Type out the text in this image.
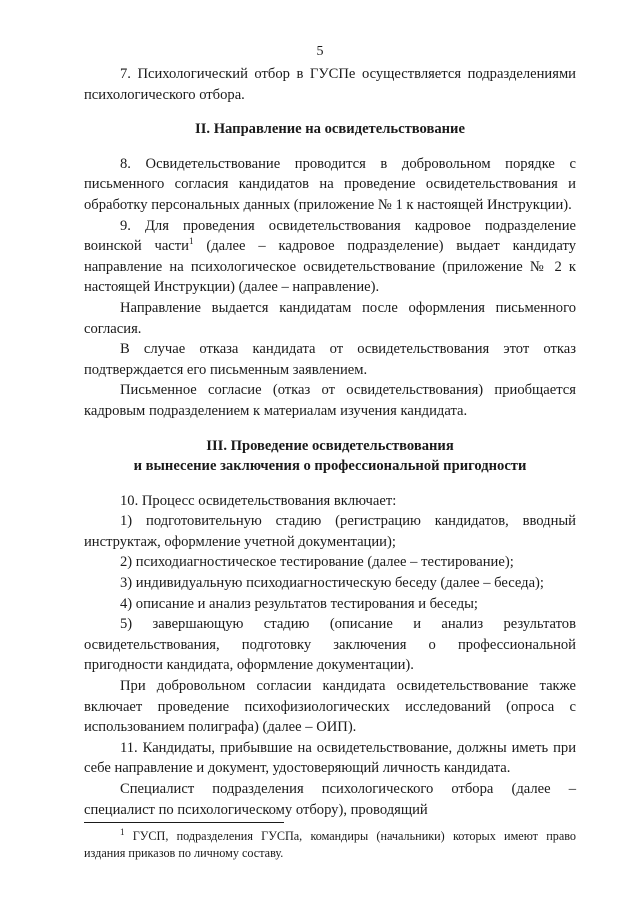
5

7. Психологический отбор в ГУСПе осуществляется подразделениями психологического отбора.

II. Направление на освидетельствование

8. Освидетельствование проводится в добровольном порядке с письменного согласия кандидатов на проведение освидетельствования и обработку персональных данных (приложение № 1 к настоящей Инструкции).

9. Для проведения освидетельствования кадровое подразделение воинской части$^1$ (далее – кадровое подразделение) выдает кандидату направление на психологическое освидетельствование (приложение № 2 к настоящей Инструкции) (далее – направление).

Направление выдается кандидатам после оформления письменного согласия.

В случае отказа кандидата от освидетельствования этот отказ подтверждается его письменным заявлением.

Письменное согласие (отказ от освидетельствования) приобщается кадровым подразделением к материалам изучения кандидата.

III. Проведение освидетельствования
и вынесение заключения о профессиональной пригодности

10. Процесс освидетельствования включает:

1) подготовительную стадию (регистрацию кандидатов, вводный инструктаж, оформление учетной документации);

2) психодиагностическое тестирование (далее – тестирование);

3) индивидуальную психодиагностическую беседу (далее – беседа);

4) описание и анализ результатов тестирования и беседы;

5) завершающую стадию (описание и анализ результатов освидетельствования, подготовку заключения о профессиональной пригодности кандидата, оформление документации).

При добровольном согласии кандидата освидетельствование также включает проведение психофизиологических исследований (опроса с использованием полиграфа) (далее – ОИП).

11. Кандидаты, прибывшие на освидетельствование, должны иметь при себе направление и документ, удостоверяющий личность кандидата.

Специалист подразделения психологического отбора (далее – специалист по психологическому отбору), проводящий

$^1$ ГУСП, подразделения ГУСПа, командиры (начальники) которых имеют право издания приказов по личному составу.
